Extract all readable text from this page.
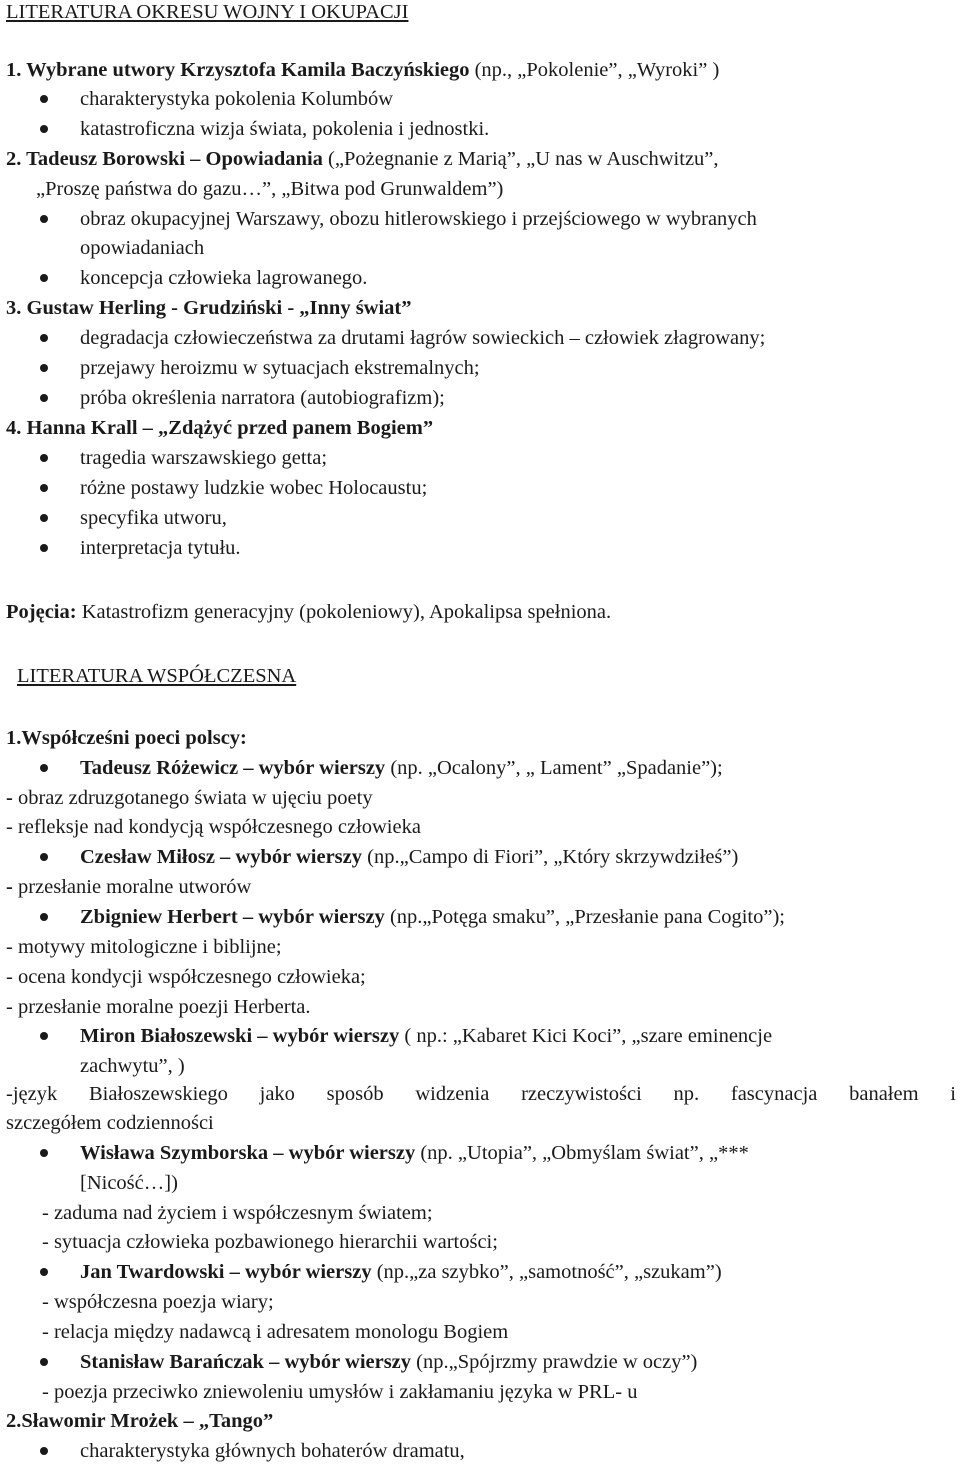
LITERATURA OKRESU WOJNY I OKUPACJI
1. Wybrane utwory Krzysztofa Kamila Baczyńskiego (np., „Pokolenie”, „Wyroki” )
charakterystyka pokolenia Kolumbów
katastroficzna wizja świata, pokolenia i jednostki.
2. Tadeusz Borowski – Opowiadania („Pożegnanie z Marią”, „U nas w Auschwitzu”,
„Proszę państwa do gazu…”, „Bitwa pod Grunwaldem”)
obraz okupacyjnej Warszawy, obozu hitlerowskiego i przejściowego w wybranych
opowiadaniach
koncepcja człowieka lagrowanego.
3. Gustaw Herling - Grudziński - „Inny świat”
degradacja człowieczeństwa za drutami łagrów sowieckich – człowiek złagrowany;
przejawy heroizmu w sytuacjach ekstremalnych;
próba określenia narratora (autobiografizm);
4. Hanna Krall – „Zdążyć przed panem Bogiem”
tragedia warszawskiego getta;
różne postawy ludzkie wobec Holocaustu;
specyfika utworu,
interpretacja tytułu.
Pojęcia: Katastrofizm generacyjny (pokoleniowy), Apokalipsa spełniona.
LITERATURA WSPÓŁCZESNA
1.Współcześni poeci polscy:
Tadeusz Różewicz – wybór wierszy (np. „Ocalony”, „ Lament” „Spadanie”);
- obraz zdruzgotanego świata w ujęciu poety
- refleksje nad kondycją współczesnego człowieka
Czesław Miłosz – wybór wierszy (np.„Campo di Fiori”, „Który skrzywdziłeś”)
- przesłanie moralne utworów
Zbigniew Herbert – wybór wierszy (np.„Potęga smaku”, „Przesłanie pana Cogito”);
- motywy mitologiczne i biblijne;
- ocena kondycji współczesnego człowieka;
- przesłanie moralne poezji Herberta.
Miron Białoszewski – wybór wierszy ( np.: „Kabaret Kici Koci”, „szare eminencje
zachwytu”, )
-język Białoszewskiego jako sposób widzenia rzeczywistości np. fascynacja banałem i
szczegółem codzienności
Wisława Szymborska – wybór wierszy (np. „Utopia”, „Obmyślam świat”, „***
[Nicość…])
- zaduma nad życiem i współczesnym światem;
- sytuacja człowieka pozbawionego hierarchii wartości;
Jan Twardowski – wybór wierszy (np.„za szybko”, „samotność”, „szukam”)
- współczesna poezja wiary;
- relacja między nadawcą i adresatem monologu Bogiem
Stanisław Barańczak – wybór wierszy (np.„Spójrzmy prawdzie w oczy”)
- poezja przeciwko zniewoleniu umysłów i zakłamaniu języka w PRL- u
2.Sławomir Mrożek – „Tango”
charakterystyka głównych bohaterów dramatu,
